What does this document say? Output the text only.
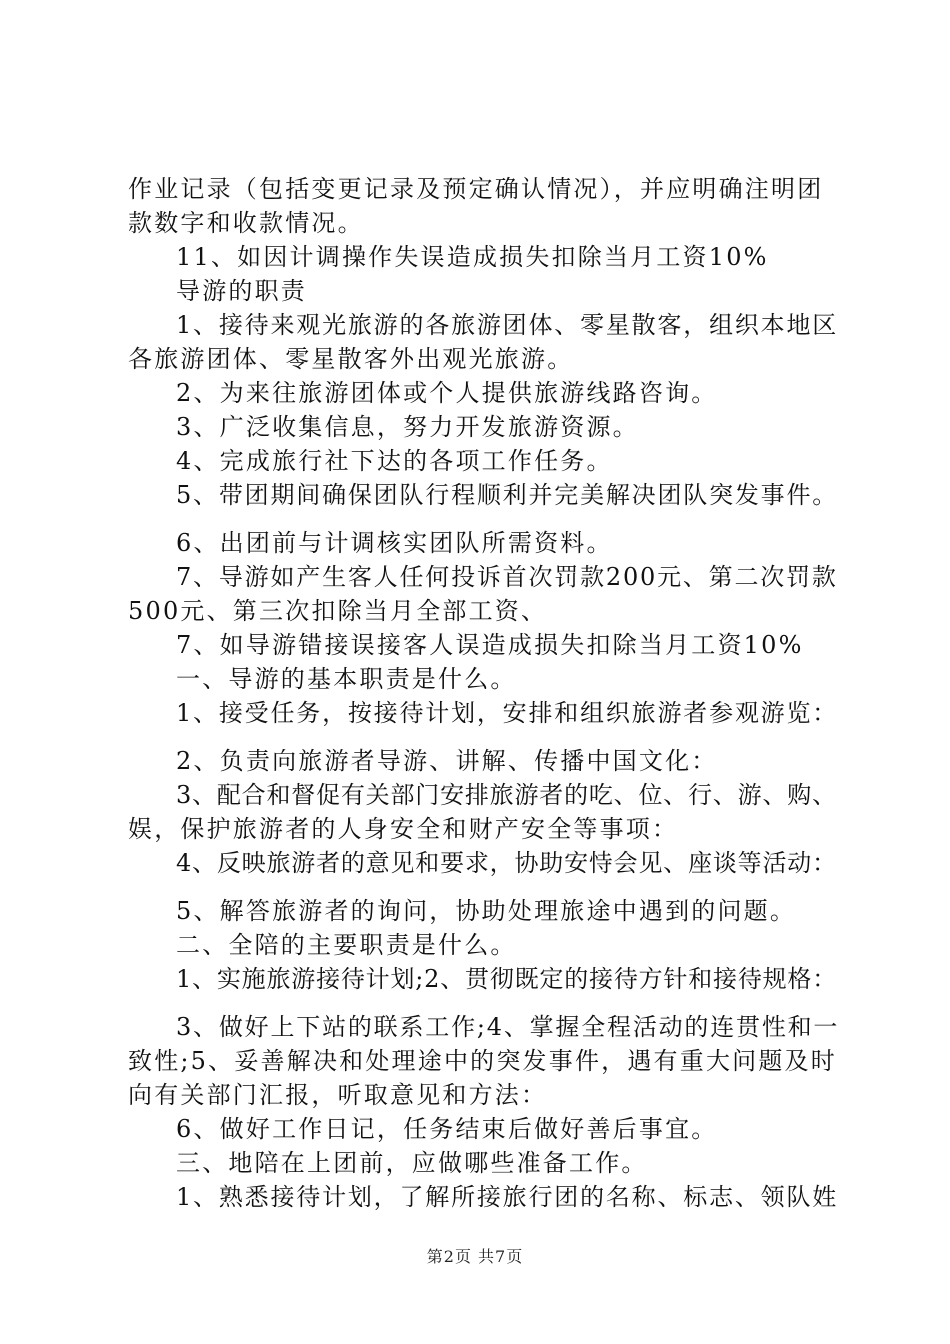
作业记录（包括变更记录及预定确认情况），并应明确注明团
款数字和收款情况。
11、如因计调操作失误造成损失扣除当月工资10%
导游的职责
1、接待来观光旅游的各旅游团体、零星散客，组织本地区
各旅游团体、零星散客外出观光旅游。
2、为来往旅游团体或个人提供旅游线路咨询。
3、广泛收集信息，努力开发旅游资源。
4、完成旅行社下达的各项工作任务。
5、带团期间确保团队行程顺利并完美解决团队突发事件。
6、出团前与计调核实团队所需资料。
7、导游如产生客人任何投诉首次罚款200元、第二次罚款
500元、第三次扣除当月全部工资、
7、如导游错接误接客人误造成损失扣除当月工资10%
一、导游的基本职责是什么。
1、接受任务，按接待计划，安排和组织旅游者参观游览：
2、负责向旅游者导游、讲解、传播中国文化：
3、配合和督促有关部门安排旅游者的吃、位、行、游、购、
娱，保护旅游者的人身安全和财产安全等事项：
4、反映旅游者的意见和要求，协助安恃会见、座谈等活动：
5、解答旅游者的询问，协助处理旅途中遇到的问题。
二、全陪的主要职责是什么。
1、实施旅游接待计划;2、贯彻既定的接待方针和接待规格：
3、做好上下站的联系工作;4、掌握全程活动的连贯性和一
致性;5、妥善解决和处理途中的突发事件，遇有重大问题及时
向有关部门汇报，听取意见和方法：
6、做好工作日记，任务结束后做好善后事宜。
三、地陪在上团前，应做哪些准备工作。
1、熟悉接待计划，了解所接旅行团的名称、标志、领队姓
第2页 共7页
